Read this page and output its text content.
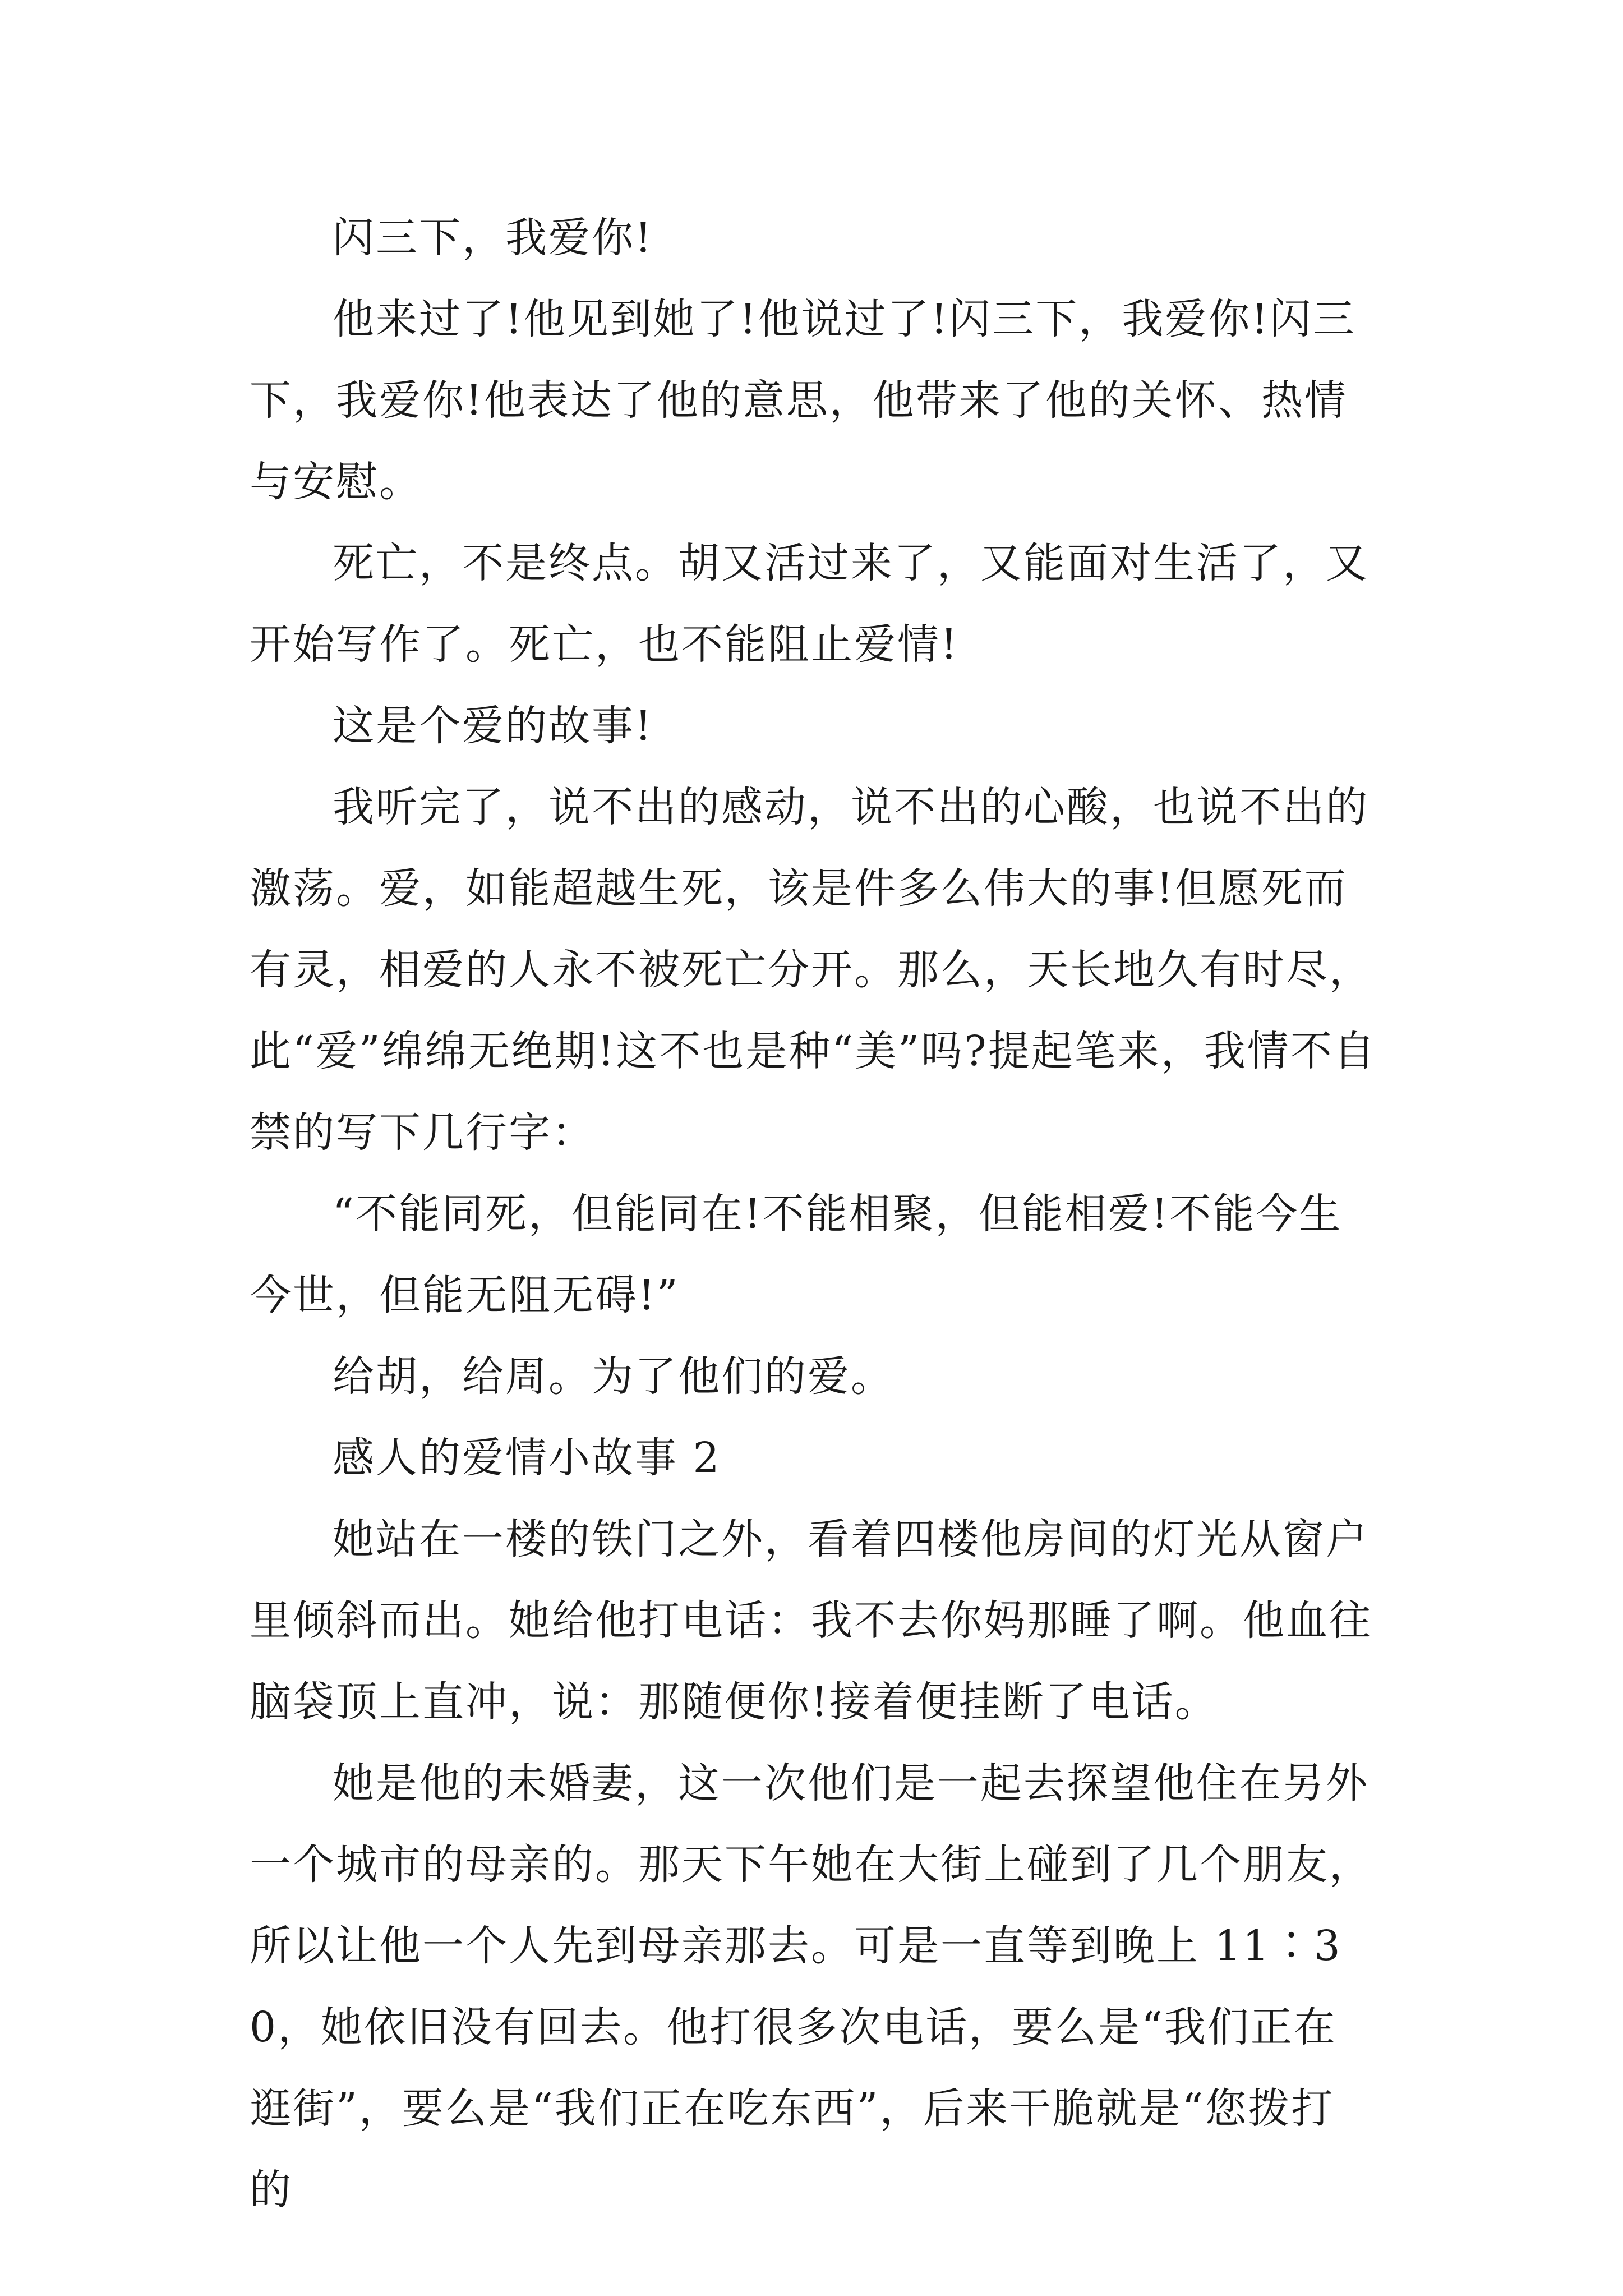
闪三下，我爱你!

他来过了!他见到她了!他说过了!闪三下，我爱你!闪三下，我爱你!他表达了他的意思，他带来了他的关怀、热情与安慰。

死亡，不是终点。胡又活过来了，又能面对生活了，又开始写作了。死亡，也不能阻止爱情!

这是个爱的故事!

我听完了，说不出的感动，说不出的心酸，也说不出的激荡。爱，如能超越生死，该是件多么伟大的事!但愿死而有灵，相爱的人永不被死亡分开。那么，天长地久有时尽，此“爱”绵绵无绝期!这不也是种“美”吗?提起笔来，我情不自禁的写下几行字：

“不能同死，但能同在!不能相聚，但能相爱!不能今生今世，但能无阻无碍!”

给胡，给周。为了他们的爱。

感人的爱情小故事 2

她站在一楼的铁门之外，看着四楼他房间的灯光从窗户里倾斜而出。她给他打电话：我不去你妈那睡了啊。他血往脑袋顶上直冲，说：那随便你!接着便挂断了电话。

她是他的未婚妻，这一次他们是一起去探望他住在另外一个城市的母亲的。那天下午她在大街上碰到了几个朋友，所以让他一个人先到母亲那去。可是一直等到晚上 11∶30，她依旧没有回去。他打很多次电话，要么是“我们正在逛街”，要么是“我们正在吃东西”，后来干脆就是“您拨打的
